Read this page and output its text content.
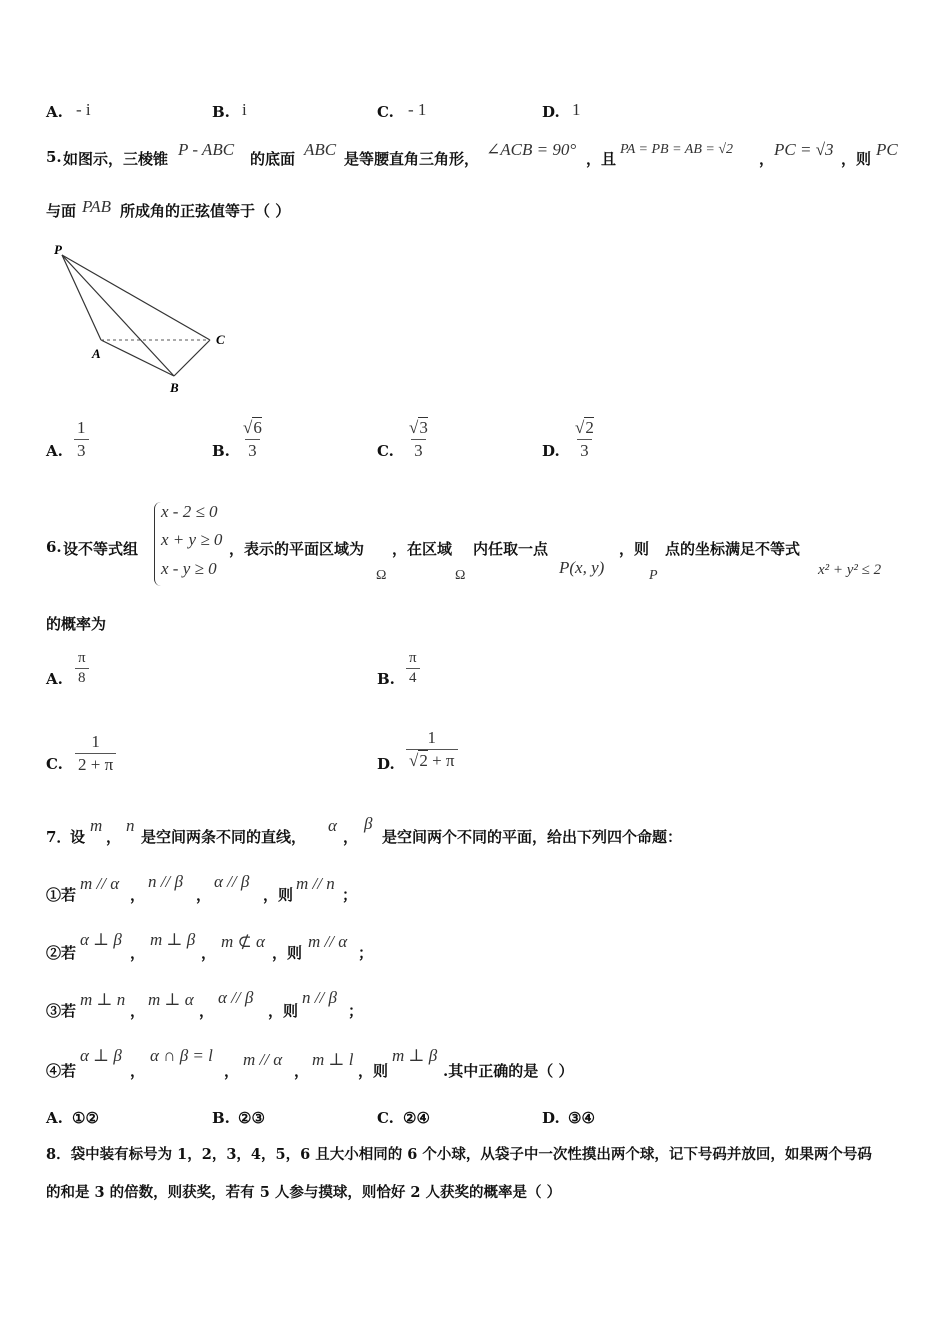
A. - i	B. i	C. - 1	D. 1
5. 如图示，三棱锥 P - ABC 的底面 ABC 是等腰直角三角形， ∠ACB = 90° ，且
PA = PB = AB = √2
， PC = √3 ，则 PC
与面 PAB 所成角的正弦值等于（ ）
P
A
B
C
A. $\frac{1}{3}$	B. $\frac{√6}{3}$	C. $\frac{√3}{3}$	D. $\frac{√2}{3}$
6. 设不等式组
x - 2 ≤ 0
x + y ≥ 0
x - y ≥ 0
，表示的平面区域为
Ω
，在区域
Ω
内任取一点
P(x, y)
，则
P
点的坐标满足不等式
x² + y² ≤ 2
的概率为
A. $\frac{\pi}{8}$	B. $\frac{\pi}{4}$
C. $\frac{1}{2 + \pi}$	D. $\frac{1}{√2 + \pi}$
7．
设
m
，
n
是空间两条不同的直线，
α
，
β
是空间两个不同的平面，给出下列四个命题：
①若
m // α
，
n // β
，
α // β
，则
m // n
；
②若
α ⊥ β
，
m ⊥ β
，
m ⊄ α
，则
m // α
；
③若
m ⊥ n
，
m ⊥ α
，
α // β
，则
n // β
；
④若
α ⊥ β
，
α ∩ β = l
，
m // α
，
m ⊥ l
，则
m ⊥ β
.其中正确的是（ ）
A. ①②	B. ②③	C. ②④	D. ③④
8．袋中装有标号为 1，2，3，4，5，6 且大小相同的 6 个小球，从袋子中一次性摸出两个球，记下号码并放回，如果两个号码
的和是 3 的倍数，则获奖，若有 5 人参与摸球，则恰好 2 人获奖的概率是（ ）
